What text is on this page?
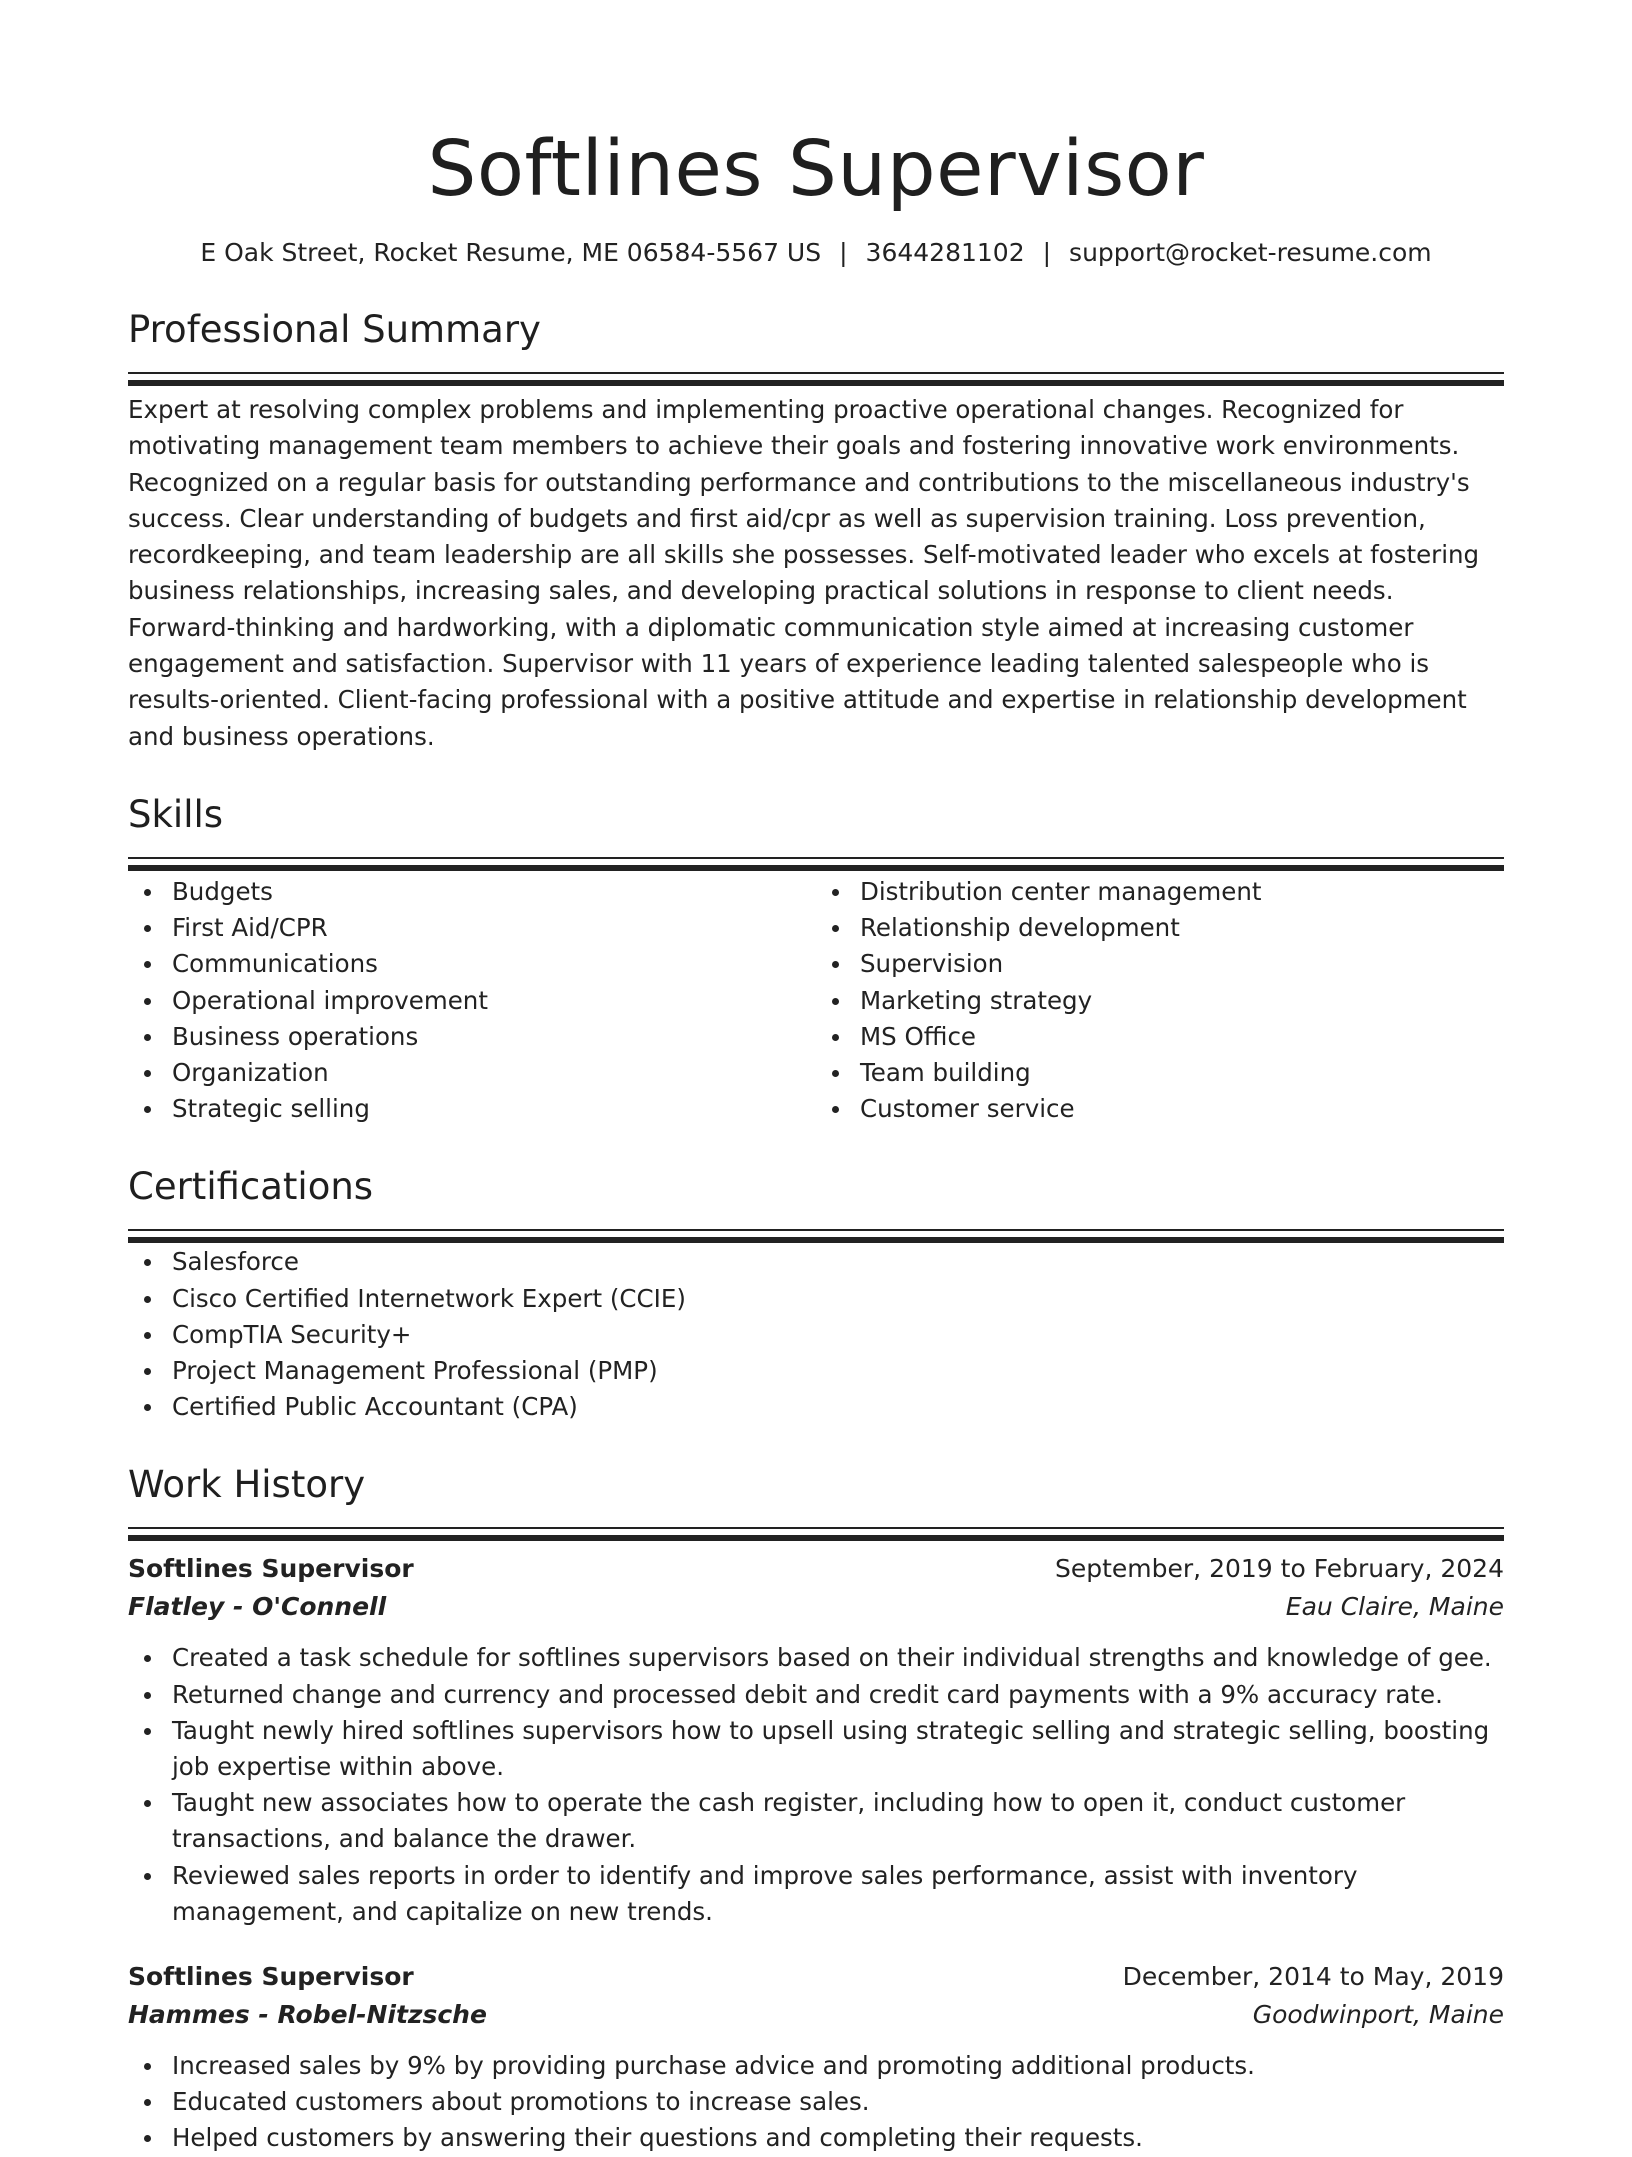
Softlines Supervisor
E Oak Street, Rocket Resume, ME 06584-5567 US | 3644281102 | support@rocket-resume.com
Professional Summary

Expert at resolving complex problems and implementing proactive operational changes. Recognized for motivating management team members to achieve their goals and fostering innovative work environments. Recognized on a regular basis for outstanding performance and contributions to the miscellaneous industry's success. Clear understanding of budgets and first aid/cpr as well as supervision training. Loss prevention, recordkeeping, and team leadership are all skills she possesses. Self-motivated leader who excels at fostering business relationships, increasing sales, and developing practical solutions in response to client needs. Forward-thinking and hardworking, with a diplomatic communication style aimed at increasing customer engagement and satisfaction. Supervisor with 11 years of experience leading talented salespeople who is results-oriented. Client-facing professional with a positive attitude and expertise in relationship development and business operations.

Skills
Budgets
First Aid/CPR
Communications
Operational improvement
Business operations
Organization
Strategic selling
Distribution center management
Relationship development
Supervision
Marketing strategy
MS Office
Team building
Customer service
Certifications
Salesforce
Cisco Certified Internetwork Expert (CCIE)
CompTIA Security+
Project Management Professional (PMP)
Certified Public Accountant (CPA)
Work History
Softlines Supervisor	September, 2019 to February, 2024
Flatley - O'Connell	Eau Claire, Maine
Created a task schedule for softlines supervisors based on their individual strengths and knowledge of gee.
Returned change and currency and processed debit and credit card payments with a 9% accuracy rate.
Taught newly hired softlines supervisors how to upsell using strategic selling and strategic selling, boosting job expertise within above.
Taught new associates how to operate the cash register, including how to open it, conduct customer transactions, and balance the drawer.
Reviewed sales reports in order to identify and improve sales performance, assist with inventory management, and capitalize on new trends.
Softlines Supervisor	December, 2014 to May, 2019
Hammes - Robel-Nitzsche	Goodwinport, Maine
Increased sales by 9% by providing purchase advice and promoting additional products.
Educated customers about promotions to increase sales.
Helped customers by answering their questions and completing their requests.
